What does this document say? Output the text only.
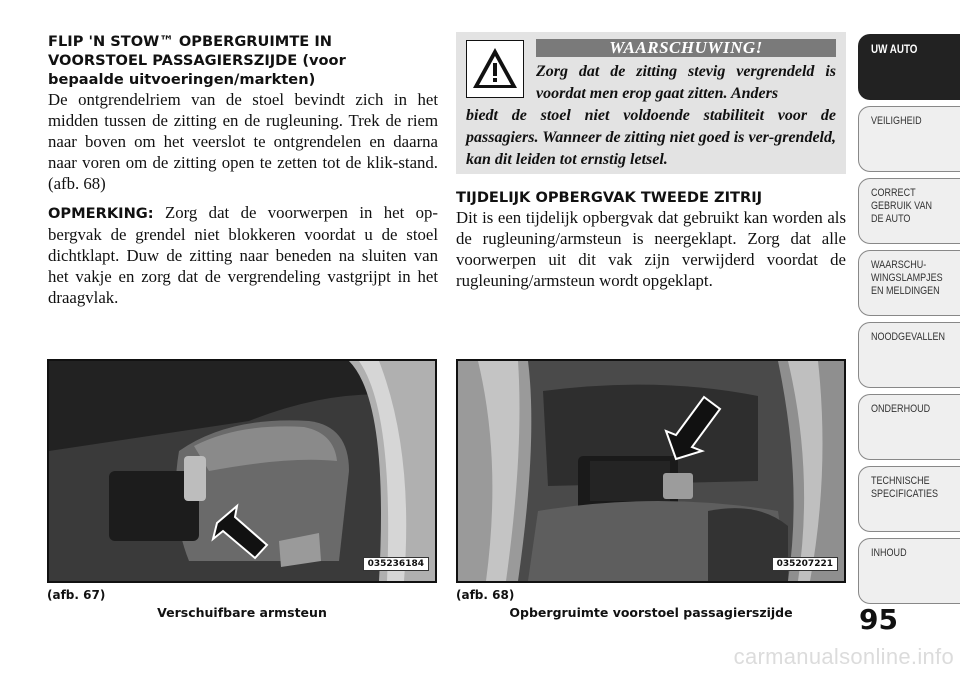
FLIP 'N STOW™ OPBERGRUIMTE IN
VOORSTOEL PASSAGIERSZIJDE (voor
bepaalde uitvoeringen/markten)

De ontgrendelriem van de stoel bevindt zich in het midden tussen de zitting en de rugleuning. Trek de riem naar boven om het veerslot te ontgrendelen en daarna naar voren om de zitting open te zetten tot de klik-stand. (afb. 68)

OPMERKING: Zorg dat de voorwerpen in het op-bergvak de grendel niet blokkeren voordat u de stoel dichtklapt. Duw de zitting naar beneden na sluiten van het vakje en zorg dat de vergrendeling vastgrijpt in het draagvlak.

WAARSCHUWING!
Zorg dat de zitting stevig vergrendeld is voordat men erop gaat zitten. Anders
biedt de stoel niet voldoende stabiliteit voor de passagiers. Wanneer de zitting niet goed is ver-grendeld, kan dit leiden tot ernstig letsel.
TIJDELIJK OPBERGVAK TWEEDE ZITRIJ

Dit is een tijdelijk opbergvak dat gebruikt kan worden als de rugleuning/armsteun is neergeklapt. Zorg dat alle voorwerpen uit dit vak zijn verwijderd voordat de rugleuning/armsteun wordt opgeklapt.

035236184
(afb. 67)
Verschuifbare armsteun
035207221
(afb. 68)
Opbergruimte voorstoel passagierszijde
UW AUTO
VEILIGHEID
CORRECT
GEBRUIK VAN
DE AUTO
WAARSCHU-
WINGSLAMPJES
EN MELDINGEN
NOODGEVALLEN
ONDERHOUD
TECHNISCHE
SPECIFICATIES
INHOUD
95
carmanualsonline.info
